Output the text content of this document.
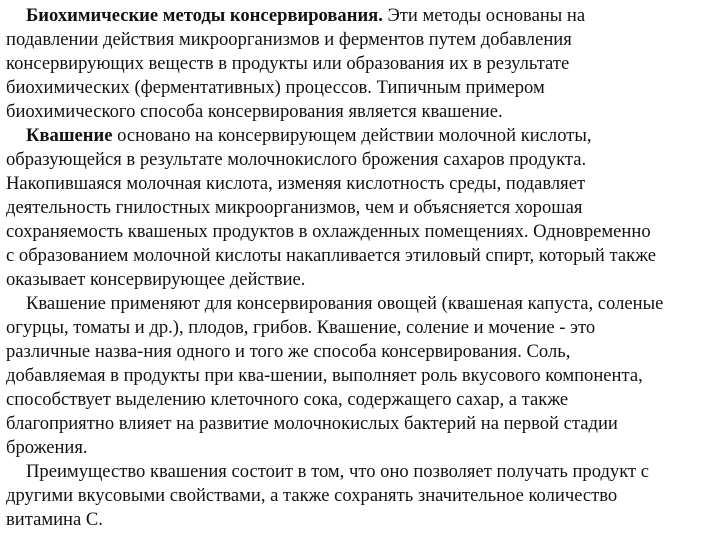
Биохимические методы консервирования. Эти методы основаны на
подавлении действия микроорганизмов и ферментов путем добавления
консервирующих веществ в продукты или образования их в результате
биохимических (ферментативных) процессов. Типичным примером
биохимического способа консервирования является квашение.
Квашение основано на консервирующем действии молочной кислоты,
образующейся в результате молочнокислого брожения сахаров продукта.
Накопившаяся молочная кислота, изменяя кислотность среды, подавляет
деятельность гнилостных микроорганизмов, чем и объясняется хорошая
сохраняемость квашеных продуктов в охлажденных помещениях. Одновременно
с образованием молочной кислоты накапливается этиловый спирт, который также
оказывает консервирующее действие.
Квашение применяют для консервирования овощей (квашеная капуста, соленые
огурцы, томаты и др.), плодов, грибов. Квашение, соление и мочение - это
различные назва-ния одного и того же способа консервирования. Соль,
добавляемая в продукты при ква-шении, выполняет роль вкусового компонента,
способствует выделению клеточного сока, содержащего сахар, а также
благоприятно влияет на развитие молочнокислых бактерий на первой стадии
брожения.
Преимущество квашения состоит в том, что оно позволяет получать продукт с
другими вкусовыми свойствами, а также сохранять значительное количество
витамина С.
